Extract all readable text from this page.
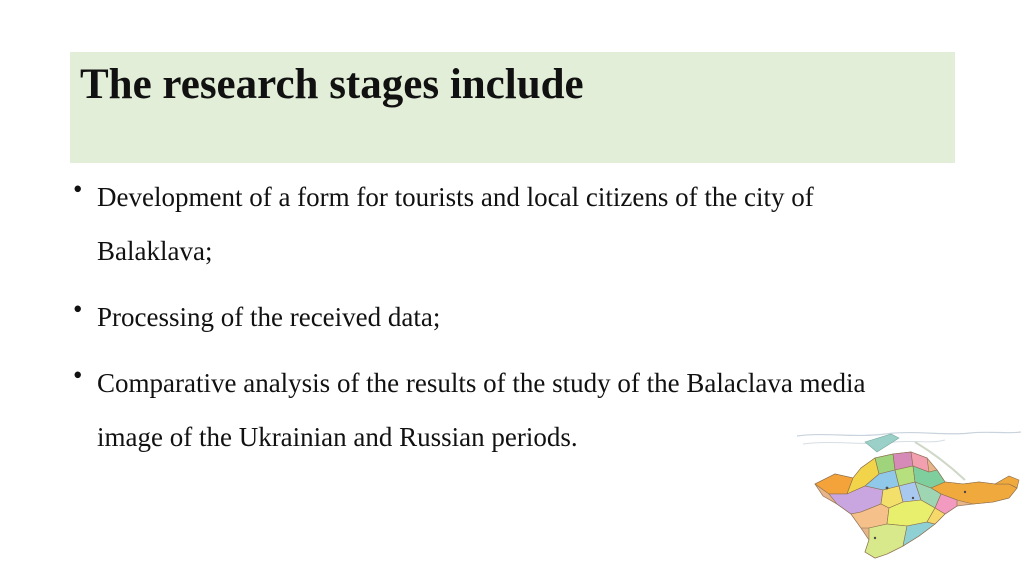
The research stages include
• Development of a form for tourists and local citizens of the city of Balaklava;
• Processing of the received data;
• Comparative analysis of the results of the study of the Balaclava media image of the Ukrainian and Russian periods.
